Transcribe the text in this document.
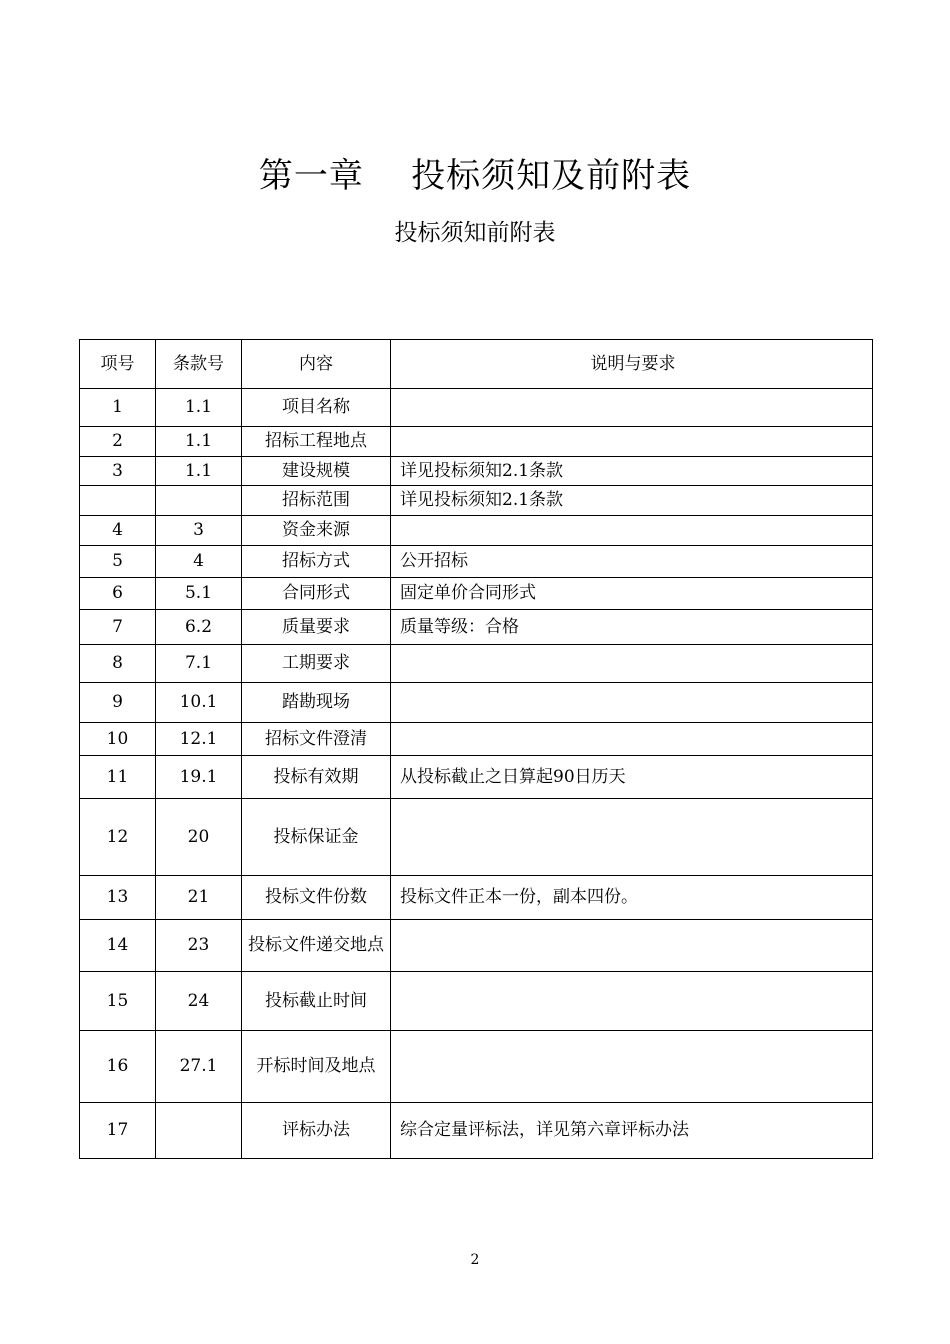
第一章    投标须知及前附表
投标须知前附表
项号	条款号	内容	说明与要求
1	1.1	项目名称	
2	1.1	招标工程地点	
3	1.1	建设规模	详见投标须知2.1条款
		招标范围	详见投标须知2.1条款
4	3	资金来源	
5	4	招标方式	公开招标
6	5.1	合同形式	固定单价合同形式
7	6.2	质量要求	质量等级：合格
8	7.1	工期要求	
9	10.1	踏勘现场	
10	12.1	招标文件澄清	
11	19.1	投标有效期	从投标截止之日算起90日历天
12	20	投标保证金	
13	21	投标文件份数	投标文件正本一份，副本四份。
14	23	投标文件递交地点	
15	24	投标截止时间	
16	27.1	开标时间及地点	
17		评标办法	综合定量评标法，详见第六章评标办法
2
